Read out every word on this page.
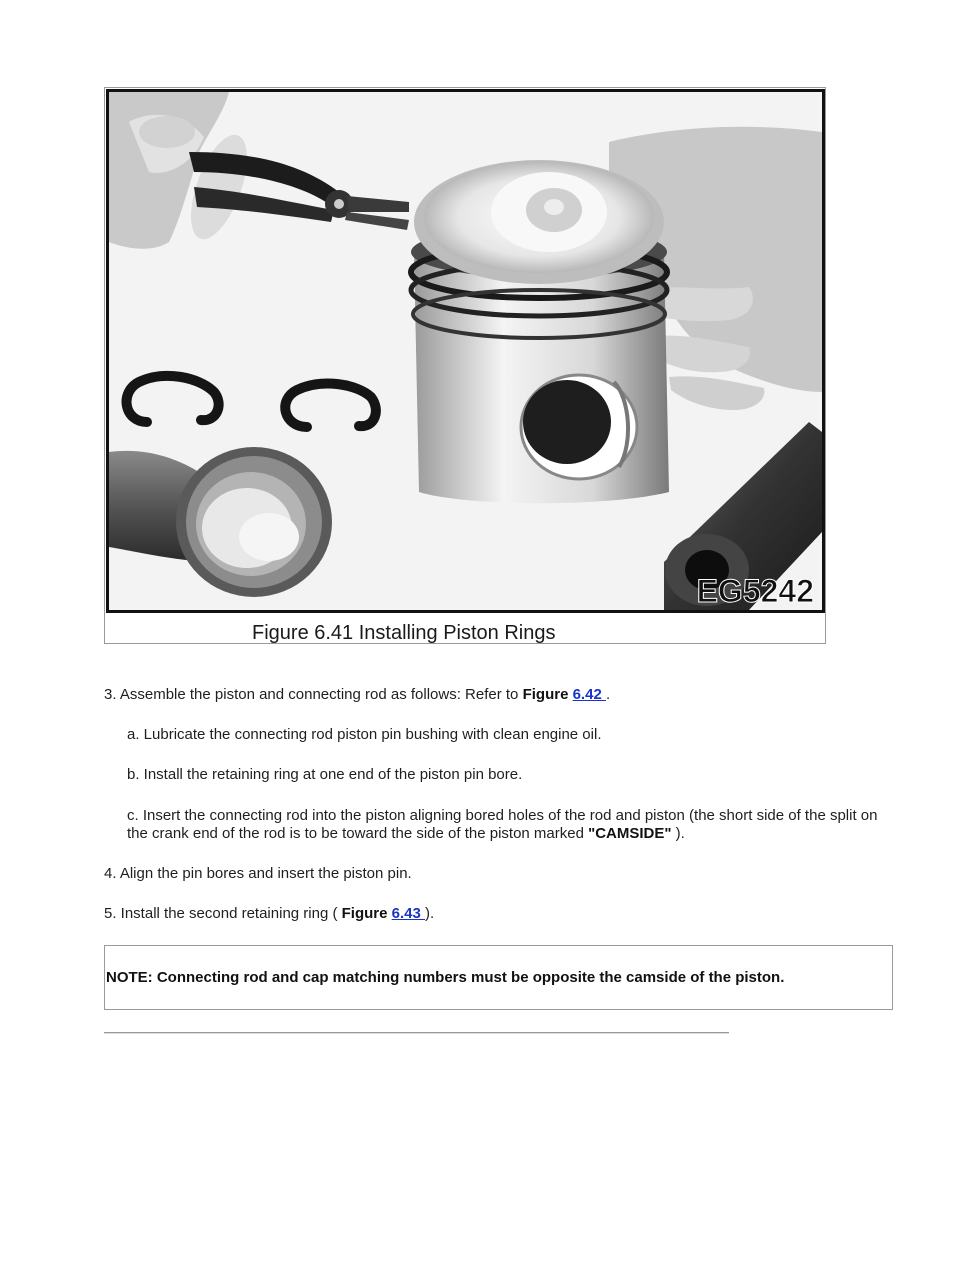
EG5242
Figure 6.41 Installing Piston Rings

3. Assemble the piston and connecting rod as follows: Refer to Figure 6.42 .

a. Lubricate the connecting rod piston pin bushing with clean engine oil.

b. Install the retaining ring at one end of the piston pin bore.

c. Insert the connecting rod into the piston aligning bored holes of the rod and piston (the short side of the split on the crank end of the rod is to be toward the side of the piston marked "CAMSIDE" ).

4. Align the pin bores and insert the piston pin.

5. Install the second retaining ring ( Figure 6.43 ).

NOTE: Connecting rod and cap matching numbers must be opposite the camside of the piston.
